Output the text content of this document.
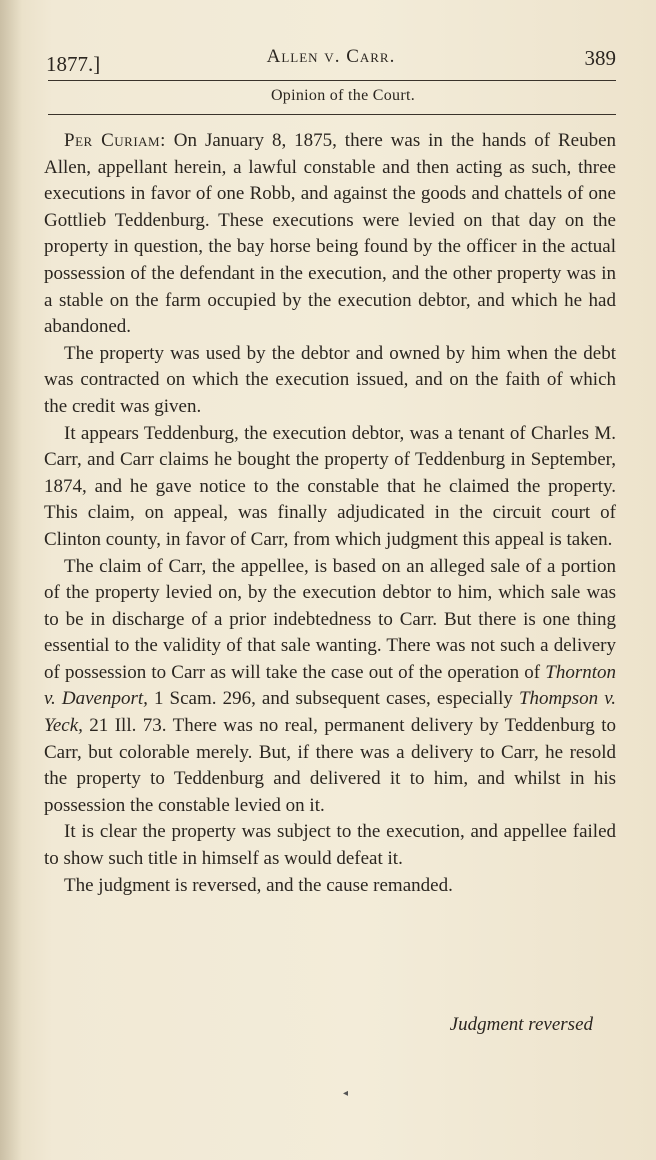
1877.]	Allen v. Carr.	389
Opinion of the Court.

Per Curiam: On January 8, 1875, there was in the hands of Reuben Allen, appellant herein, a lawful constable and then acting as such, three executions in favor of one Robb, and against the goods and chattels of one Gottlieb Teddenburg. These executions were levied on that day on the property in question, the bay horse being found by the officer in the actual possession of the defendant in the execution, and the other property was in a stable on the farm occupied by the execution debtor, and which he had abandoned.

The property was used by the debtor and owned by him when the debt was contracted on which the execution issued, and on the faith of which the credit was given.

It appears Teddenburg, the execution debtor, was a tenant of Charles M. Carr, and Carr claims he bought the property of Teddenburg in September, 1874, and he gave notice to the constable that he claimed the property. This claim, on appeal, was finally adjudicated in the circuit court of Clinton county, in favor of Carr, from which judgment this appeal is taken.

The claim of Carr, the appellee, is based on an alleged sale of a portion of the property levied on, by the execution debtor to him, which sale was to be in discharge of a prior indebtedness to Carr. But there is one thing essential to the validity of that sale wanting. There was not such a delivery of possession to Carr as will take the case out of the operation of Thornton v. Davenport, 1 Scam. 296, and subsequent cases, especially Thompson v. Yeck, 21 Ill. 73. There was no real, permanent delivery by Teddenburg to Carr, but colorable merely. But, if there was a delivery to Carr, he resold the property to Teddenburg and delivered it to him, and whilst in his possession the constable levied on it.

It is clear the property was subject to the execution, and appellee failed to show such title in himself as would defeat it.

The judgment is reversed, and the cause remanded.

Judgment reversed
◂
